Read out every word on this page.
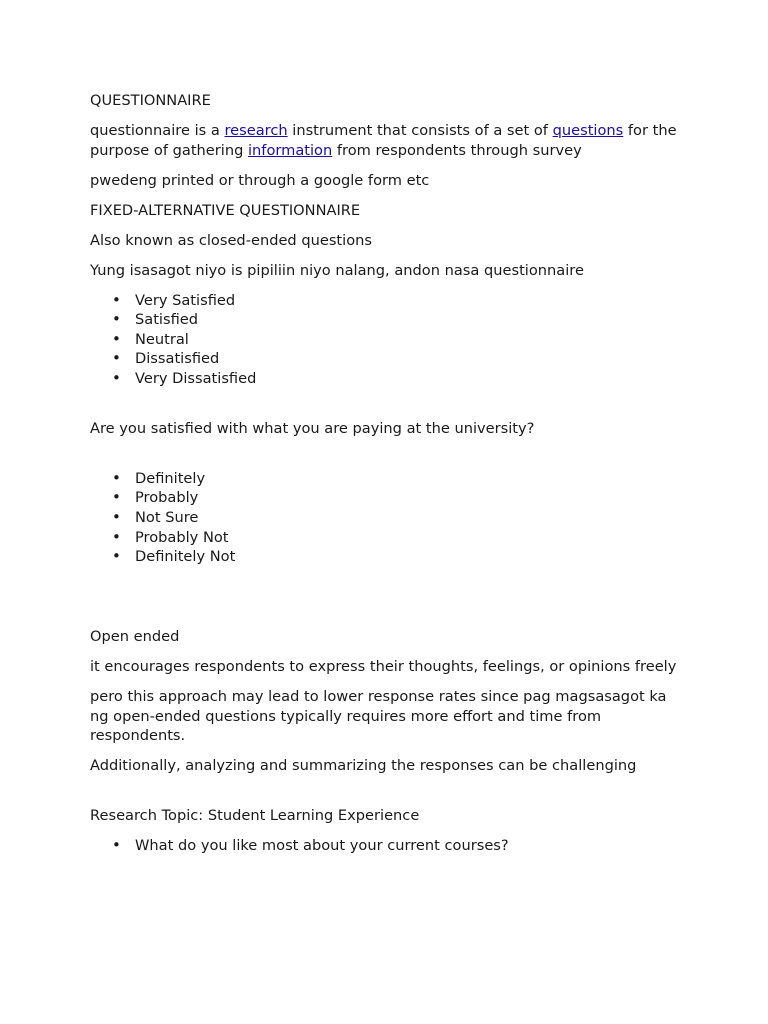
QUESTIONNAIRE

questionnaire is a research instrument that consists of a set of questions for the purpose of gathering information from respondents through survey

pwedeng printed or through a google form etc

FIXED-ALTERNATIVE QUESTIONNAIRE

Also known as closed-ended questions

Yung isasagot niyo is pipiliin niyo nalang, andon nasa questionnaire

• Very Satisfied
• Satisfied
• Neutral
• Dissatisfied
• Very Dissatisfied

Are you satisfied with what you are paying at the university?

• Definitely
• Probably
• Not Sure
• Probably Not
• Definitely Not

Open ended

it encourages respondents to express their thoughts, feelings, or opinions freely

pero this approach may lead to lower response rates since pag magsasagot ka ng open-ended questions typically requires more effort and time from respondents.

Additionally, analyzing and summarizing the responses can be challenging

Research Topic: Student Learning Experience

• What do you like most about your current courses?
